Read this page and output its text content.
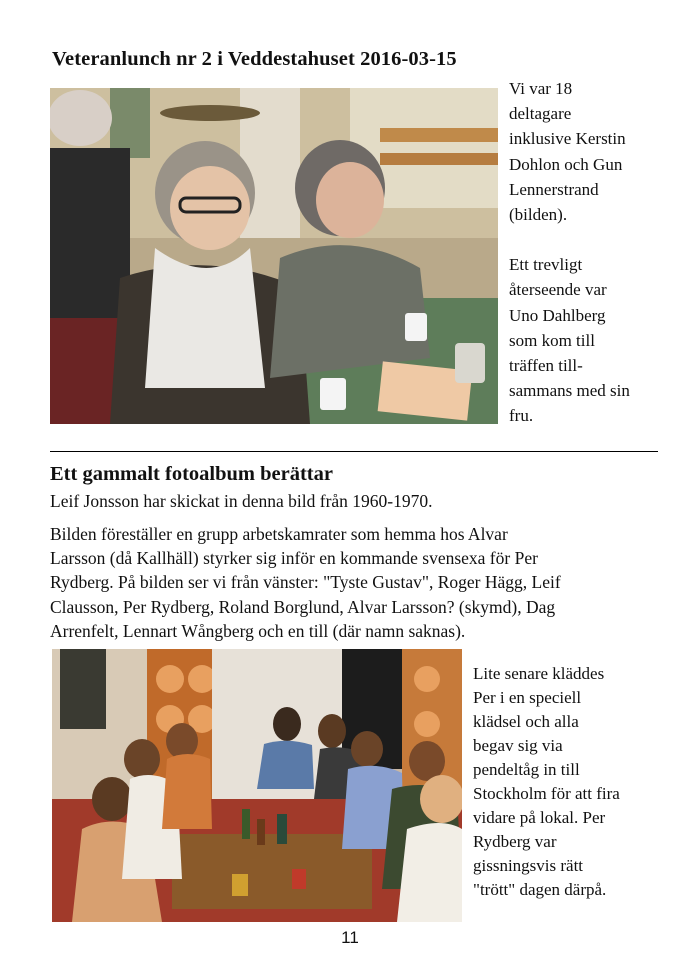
Veteranlunch nr 2 i Veddestahuset 2016-03-15

Vi var 18

deltagare

inklusive Kerstin

Dohlon och Gun

Lennerstrand

(bilden).

Ett trevligt

återseende var

Uno Dahlberg

som kom till

träffen till-

sammans med sin

fru.

Ett gammalt fotoalbum berättar
Leif Jonsson har skickat in denna bild från 1960-1970.
Bilden föreställer en grupp arbetskamrater som hemma hos Alvar
Larsson (då Kallhäll) styrker sig inför en kommande svensexa för Per
Rydberg. På bilden ser vi från vänster: "Tyste Gustav", Roger Hägg, Leif
Clausson, Per Rydberg, Roland Borglund, Alvar Larsson? (skymd), Dag
Arrenfelt, Lennart Wångberg och en till (där namn saknas).
Lite senare kläddes
Per i en speciell
klädsel och alla
begav sig via
pendeltåg in till
Stockholm för att fira
vidare på lokal. Per
Rydberg var
gissningsvis rätt
"trött" dagen därpå.
11
